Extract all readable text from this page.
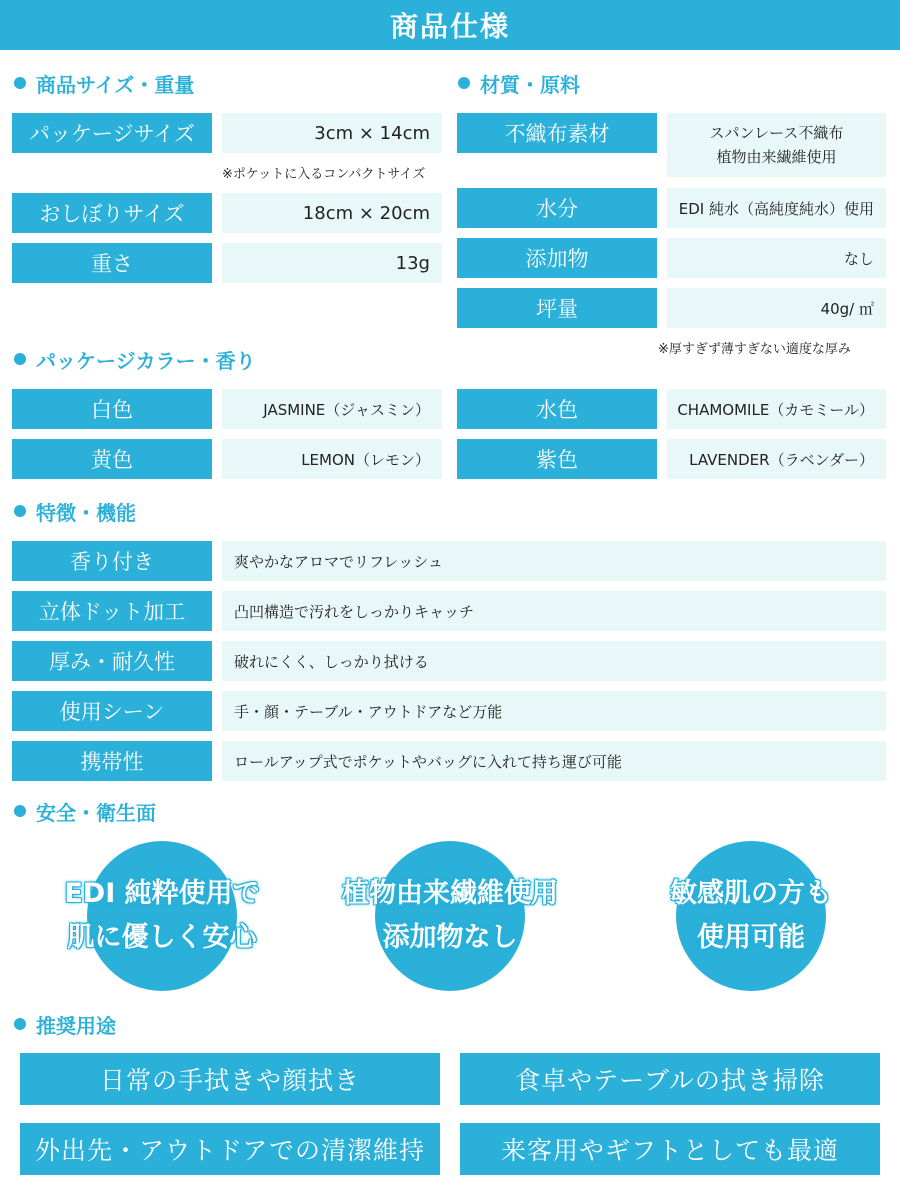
商品仕様
商品サイズ・重量
パッケージサイズ	3cm × 14cm
※ポケットに入るコンパクトサイズ
おしぼりサイズ	18cm × 20cm
重さ	13g
材質・原料
不織布素材	スパンレース不織布
植物由来繊維使用
水分	EDI 純水（高純度純水）使用
添加物	なし
坪量	40g/ ㎡
※厚すぎず薄すぎない適度な厚み
パッケージカラー・香り
白色	JASMINE（ジャスミン）	水色	CHAMOMILE（カモミール）
黄色	LEMON（レモン）	紫色	LAVENDER（ラベンダー）
特徴・機能
香り付き	爽やかなアロマでリフレッシュ
立体ドット加工	凸凹構造で汚れをしっかりキャッチ
厚み・耐久性	破れにくく、しっかり拭ける
使用シーン	手・顔・テーブル・アウトドアなど万能
携帯性	ロールアップ式でポケットやバッグに入れて持ち運び可能
安全・衛生面
EDI 純粋使用で
肌に優しく安心
植物由来繊維使用
添加物なし
敏感肌の方も
使用可能
推奨用途
日常の手拭きや顔拭き	食卓やテーブルの拭き掃除
外出先・アウトドアでの清潔維持	来客用やギフトとしても最適
